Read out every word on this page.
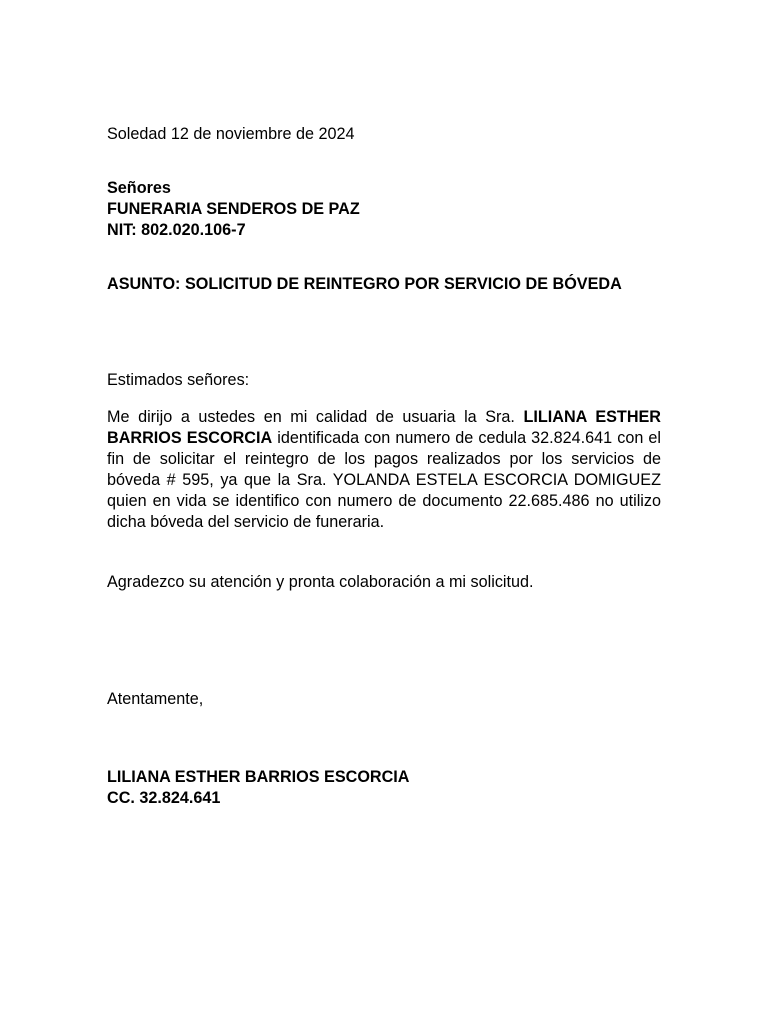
Soledad 12 de noviembre de 2024
Señores
FUNERARIA SENDEROS DE PAZ
NIT: 802.020.106-7
ASUNTO: SOLICITUD DE REINTEGRO POR SERVICIO DE BÓVEDA
Estimados señores:
Me dirijo a ustedes en mi calidad de usuaria la Sra. LILIANA ESTHER BARRIOS ESCORCIA identificada con numero de cedula 32.824.641 con el fin de solicitar el reintegro de los pagos realizados por los servicios de bóveda # 595, ya que la Sra. YOLANDA ESTELA ESCORCIA DOMIGUEZ quien en vida se identifico con numero de documento 22.685.486 no utilizo dicha bóveda del servicio de funeraria.
Agradezco su atención y pronta colaboración a mi solicitud.
Atentamente,
LILIANA ESTHER BARRIOS ESCORCIA
CC. 32.824.641
